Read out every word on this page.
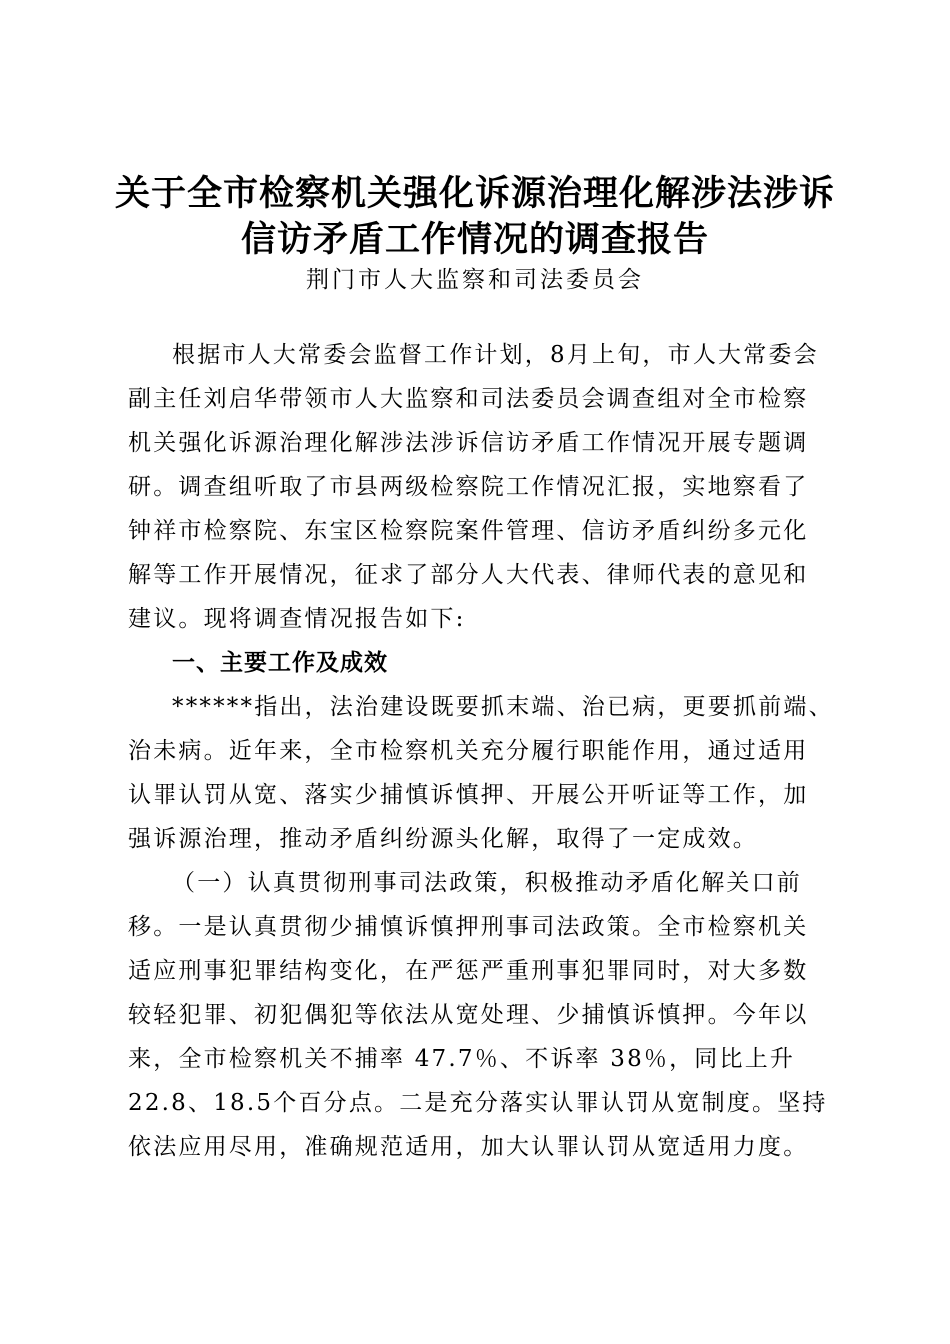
关于全市检察机关强化诉源治理化解涉法涉诉
信访矛盾工作情况的调查报告
荆门市人大监察和司法委员会
根据市人大常委会监督工作计划，8月上旬，市人大常委会
副主任刘启华带领市人大监察和司法委员会调查组对全市检察
机关强化诉源治理化解涉法涉诉信访矛盾工作情况开展专题调
研。调查组听取了市县两级检察院工作情况汇报，实地察看了
钟祥市检察院、东宝区检察院案件管理、信访矛盾纠纷多元化
解等工作开展情况，征求了部分人大代表、律师代表的意见和
建议。现将调查情况报告如下:
一、主要工作及成效
******指出，法治建设既要抓末端、治已病，更要抓前端、
治未病。近年来，全市检察机关充分履行职能作用，通过适用
认罪认罚从宽、落实少捕慎诉慎押、开展公开听证等工作，加
强诉源治理，推动矛盾纠纷源头化解，取得了一定成效。
（一）认真贯彻刑事司法政策，积极推动矛盾化解关口前
移。一是认真贯彻少捕慎诉慎押刑事司法政策。全市检察机关
适应刑事犯罪结构变化，在严惩严重刑事犯罪同时，对大多数
较轻犯罪、初犯偶犯等依法从宽处理、少捕慎诉慎押。今年以
来，全市检察机关不捕率 47.7％、不诉率 38％，同比上升
22.8、18.5个百分点。二是充分落实认罪认罚从宽制度。坚持
依法应用尽用，准确规范适用，加大认罪认罚从宽适用力度。
